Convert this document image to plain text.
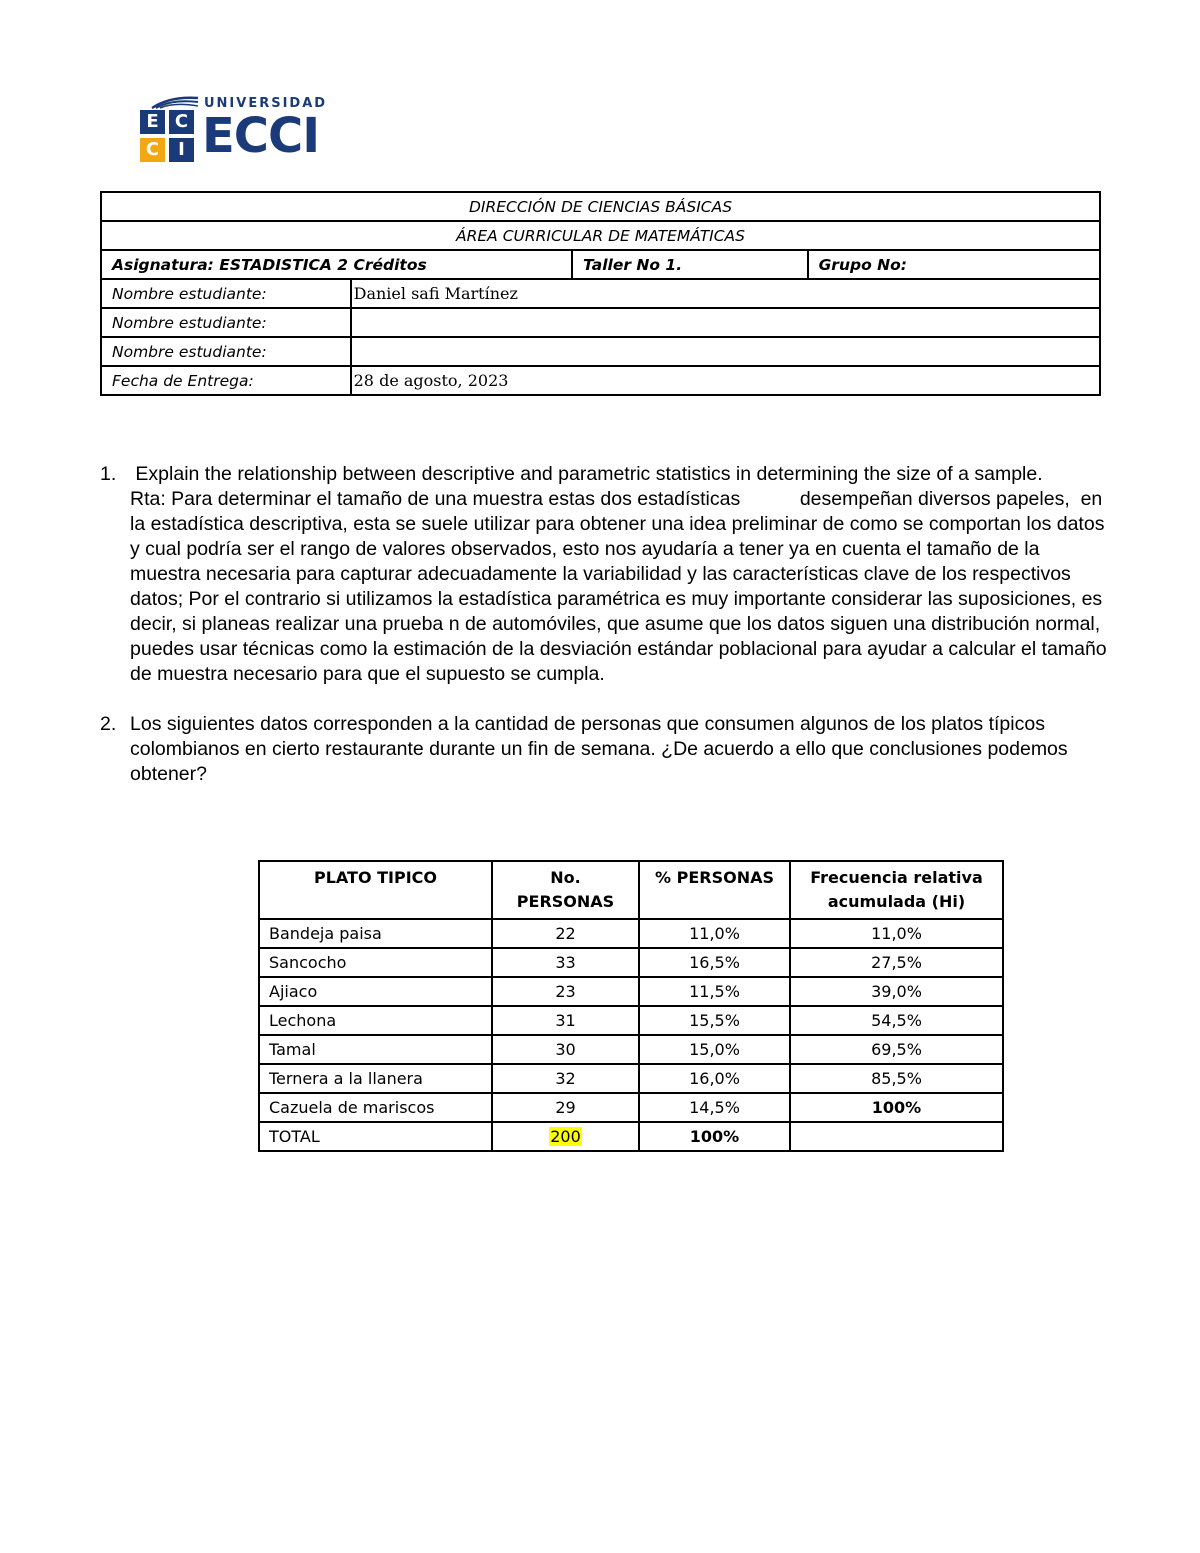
UNIVERSIDAD
E C
C	I ECCI
DIRECCIÓN DE CIENCIAS BÁSICAS			
ÁREA CURRICULAR DE MATEMÁTICAS			
Asignatura: ESTADISTICA 2 Créditos		Taller No 1.	Grupo No:
Nombre estudiante:	Daniel safi Martínez		
Nombre estudiante:			
Nombre estudiante:			
Fecha de Entrega:	28 de agosto, 2023		
1. Explain the relationship between descriptive and parametric statistics in determining the size of a sample.

Rta: Para determinar el tamaño de una muestra estas dos estadísticas           desempeñan diversos papeles,  en la estadística descriptiva, esta se suele utilizar para obtener una idea preliminar de como se comportan los datos y cual podría ser el rango de valores observados, esto nos ayudaría a tener ya en cuenta el tamaño de la muestra necesaria para capturar adecuadamente la variabilidad y las características clave de los respectivos datos; Por el contrario si utilizamos la estadística paramétrica es muy importante considerar las suposiciones, es decir, si planeas realizar una prueba n de automóviles, que asume que los datos siguen una distribución normal, puedes usar técnicas como la estimación de la desviación estándar poblacional para ayudar a calcular el tamaño de muestra necesario para que el supuesto se cumpla.

2. Los siguientes datos corresponden a la cantidad de personas que consumen algunos de los platos típicos colombianos en cierto restaurante durante un fin de semana. ¿De acuerdo a ello que conclusiones podemos obtener?

PLATO TIPICO	No. PERSONAS	% PERSONAS	Frecuencia relativa acumulada (Hi)
Bandeja paisa	22	11,0%	11,0%
Sancocho	33	16,5%	27,5%
Ajiaco	23	11,5%	39,0%
Lechona	31	15,5%	54,5%
Tamal	30	15,0%	69,5%
Ternera a la llanera	32	16,0%	85,5%
Cazuela de mariscos	29	14,5%	100%
TOTAL	200	100%	
